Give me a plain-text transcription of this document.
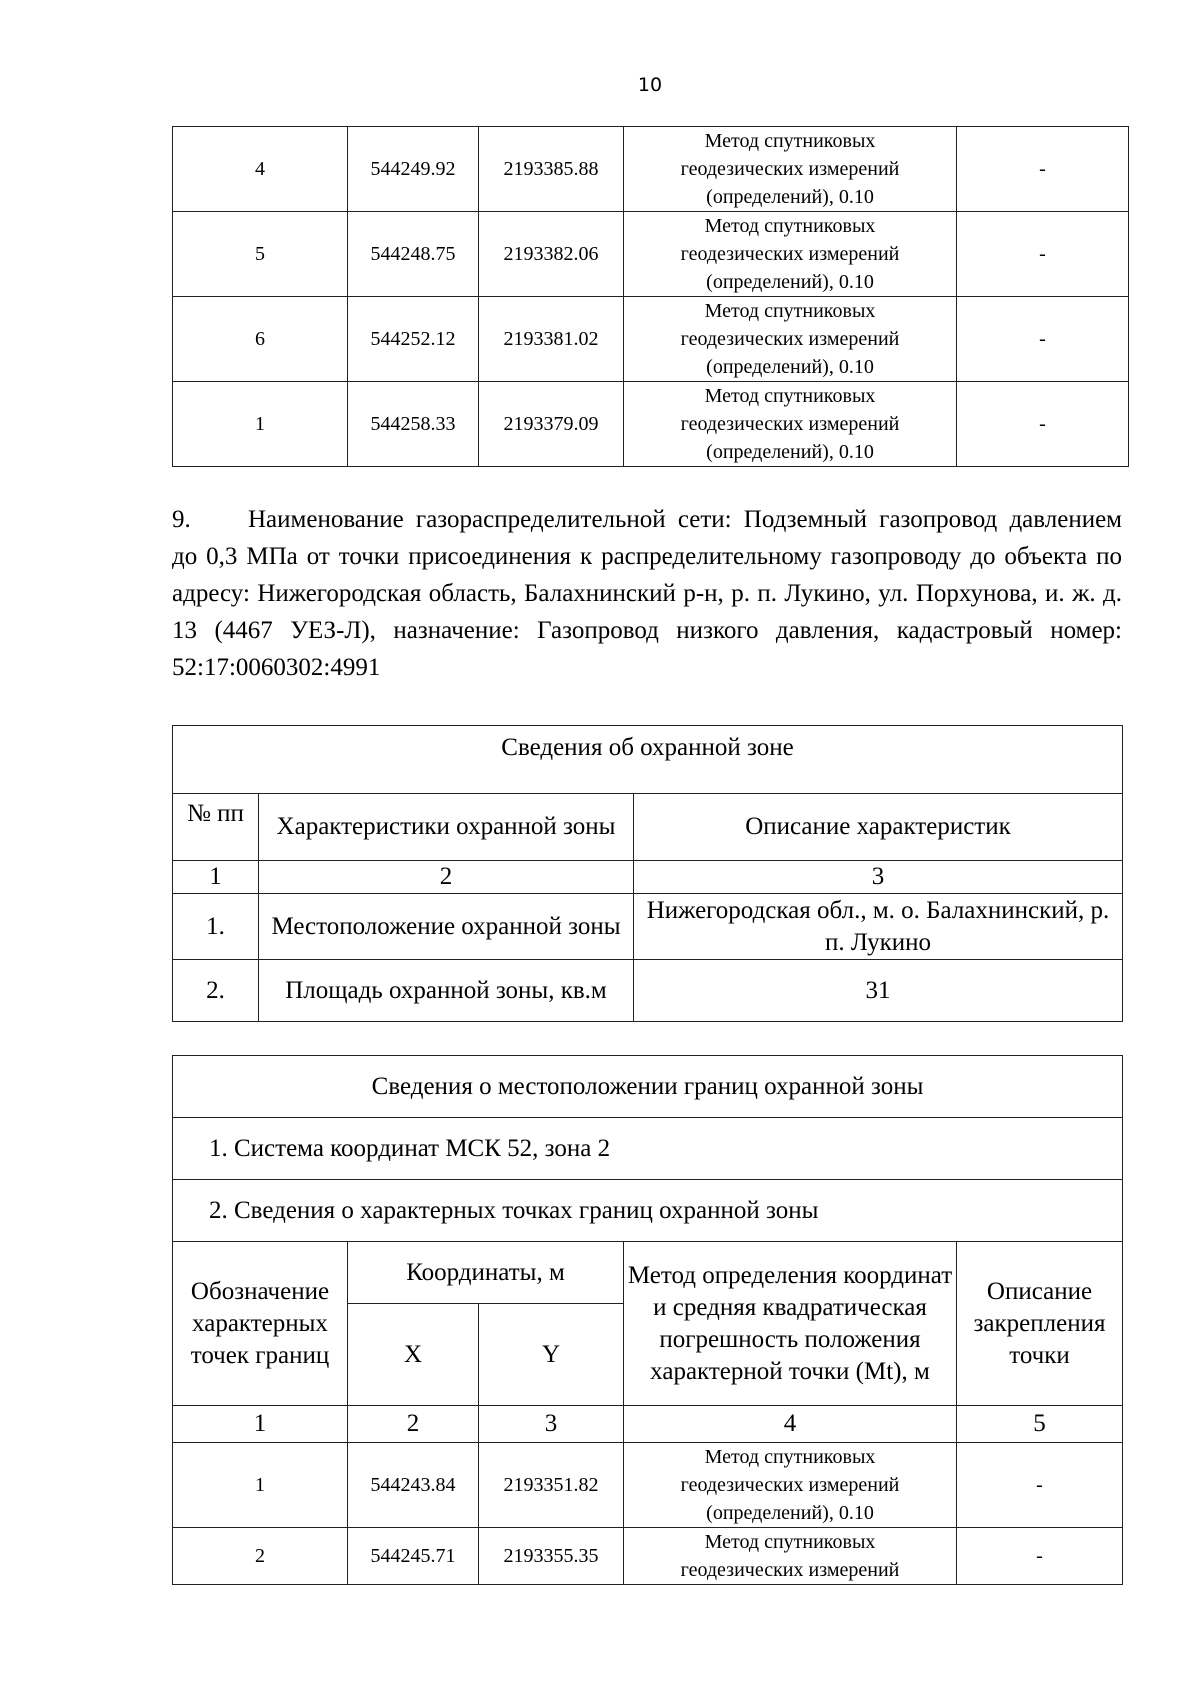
10
4	544249.92	2193385.88	Метод спутниковых
геодезических измерений
(определений), 0.10	-
5	544248.75	2193382.06	Метод спутниковых
геодезических измерений
(определений), 0.10	-
6	544252.12	2193381.02	Метод спутниковых
геодезических измерений
(определений), 0.10	-
1	544258.33	2193379.09	Метод спутниковых
геодезических измерений
(определений), 0.10	-
9. Наименование газораспределительной сети: Подземный газопровод давлением до 0,3 МПа от точки присоединения к распределительному газопроводу до объекта по адресу: Нижегородская область, Балахнинский р-н, р. п. Лукино, ул. Порхунова, и. ж. д. 13 (4467 УЕЗ-Л), назначение: Газопровод низкого давления, кадастровый номер: 52:17:0060302:4991
Сведения об охранной зоне		
№ пп	Характеристики охранной зоны	Описание характеристик
1	2	3
1.	Местоположение охранной зоны	Нижегородская обл., м. о. Балахнинский, р. п. Лукино
2.	Площадь охранной зоны, кв.м	31
Сведения о местоположении границ охранной зоны				
1. Система координат МСК 52, зона 2				
2. Сведения о характерных точках границ охранной зоны				
Обозначение характерных точек границ	Координаты, м		Метод определения координат и средняя квадратическая погрешность положения характерной точки (Mt), м	Описание закрепления точки
	X	Y		
1	2	3	4	5
1	544243.84	2193351.82	Метод спутниковых
геодезических измерений
(определений), 0.10	-
2	544245.71	2193355.35	Метод спутниковых
геодезических измерений	-
